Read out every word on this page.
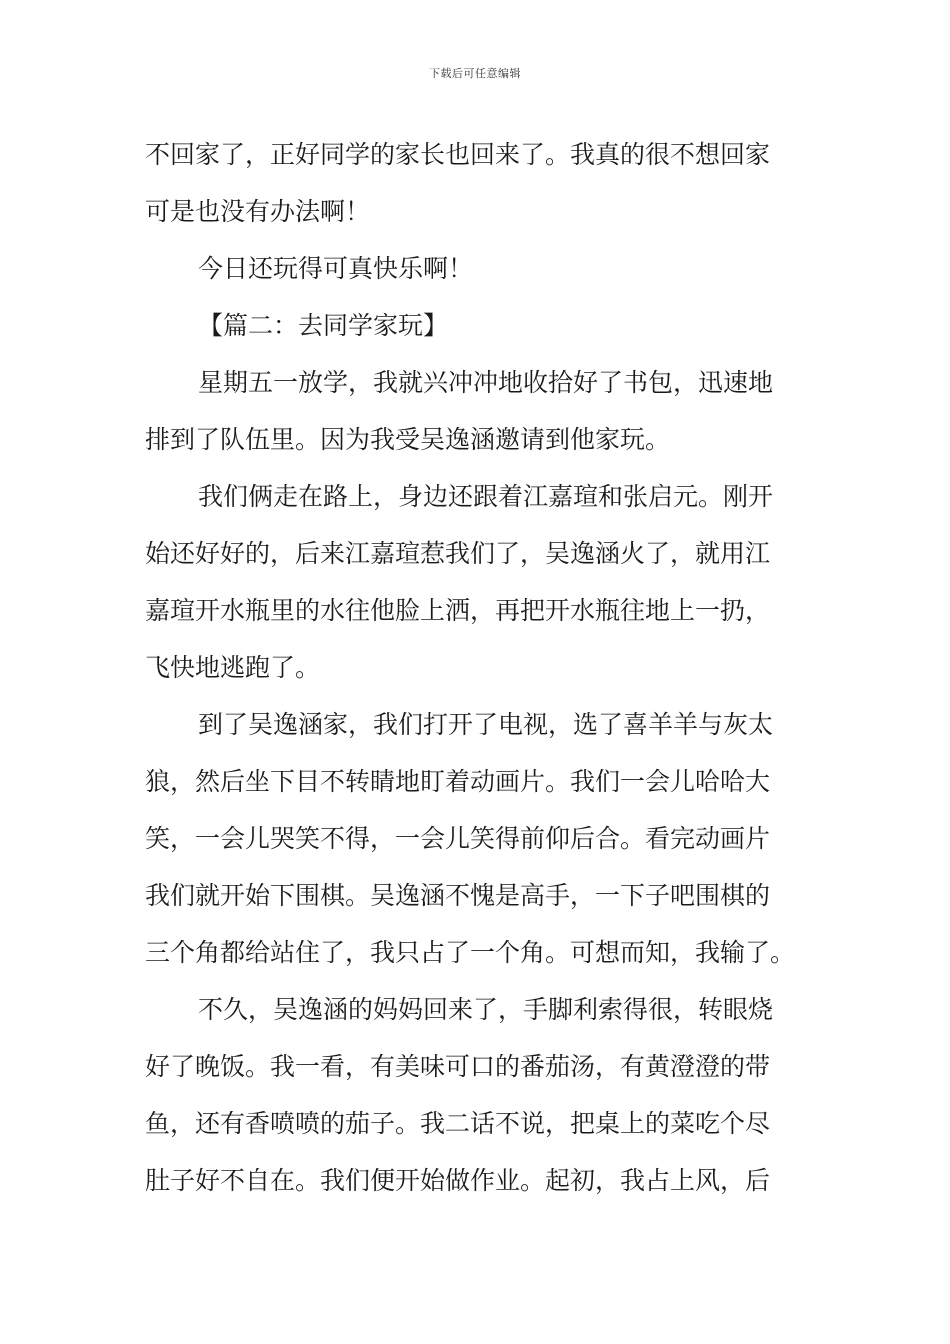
下载后可任意编辑
不回家了，正好同学的家长也回来了。我真的很不想回家
可是也没有办法啊！
今日还玩得可真快乐啊！
【篇二：去同学家玩】
星期五一放学，我就兴冲冲地收拾好了书包，迅速地
排到了队伍里。因为我受吴逸涵邀请到他家玩。
我们俩走在路上，身边还跟着江嘉瑄和张启元。刚开
始还好好的，后来江嘉瑄惹我们了，吴逸涵火了，就用江
嘉瑄开水瓶里的水往他脸上洒，再把开水瓶往地上一扔，
飞快地逃跑了。
到了吴逸涵家，我们打开了电视，选了喜羊羊与灰太
狼，然后坐下目不转睛地盯着动画片。我们一会儿哈哈大
笑，一会儿哭笑不得，一会儿笑得前仰后合。看完动画片
我们就开始下围棋。吴逸涵不愧是高手，一下子吧围棋的
三个角都给站住了，我只占了一个角。可想而知，我输了。
不久，吴逸涵的妈妈回来了，手脚利索得很，转眼烧
好了晚饭。我一看，有美味可口的番茄汤，有黄澄澄的带
鱼，还有香喷喷的茄子。我二话不说，把桌上的菜吃个尽
肚子好不自在。我们便开始做作业。起初，我占上风，后
